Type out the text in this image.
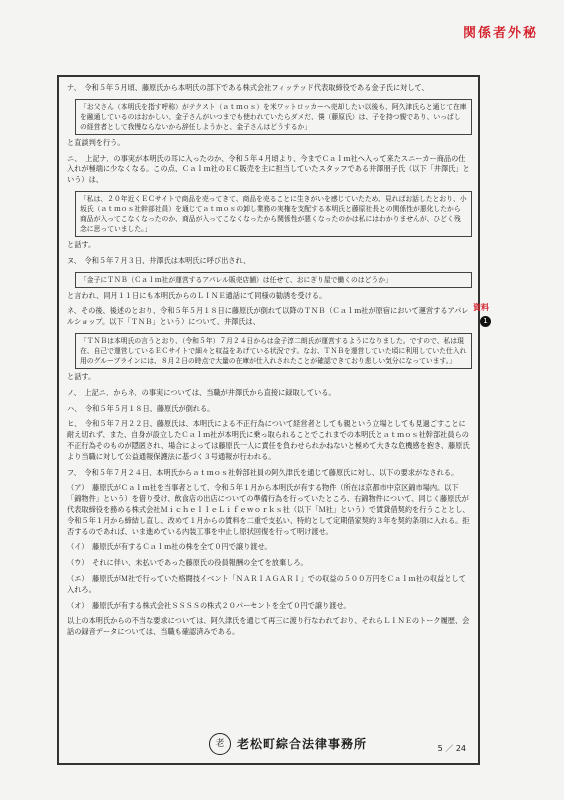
関係者外秘

ナ、　令和５年５月頃、藤原氏から本明氏の部下である株式会社フィッテッド代表取締役である金子氏に対して、

「お父さん（本明氏を指す呼称）がテクスト（ａｔｍｏｓ）を米ワットロッカーへ売却したい以後も、阿久津氏らと通じて在庫を融通しているのはおかしい、金子さんがいつまでも使われていたらダメだ、僕（藤原氏）は、子を持つ親であり、いっぱしの経営者として我慢ならないから辞任しようかと、金子さんはどうするか」

と直談判を行う。

ニ、　上記ナ．の事実が本明氏の耳に入ったのか、令和５年４月頃より、今までＣａｌｍ社へ入って来たスニーカー商品の仕入れが極端に少なくなる。この点、Ｃａｌｍ社のＥＣ販売を主に担当していたスタッフである井澤朋子氏（以下「井澤氏」という）は、

「私は、２０年近くＥＣサイトで商品を売ってきて、商品を売ることに生きがいを感じていたため、見ればお話したとおり、小坂氏（ａｔｍｏｓ社幹部社員）を通じてａｔｍｏｓの卸し業務の実権を支配する本明氏と藤原社長との関係性が悪化したから商品が入ってこなくなったのか、商品が入ってこなくなったから関係性が悪くなったのかは私にはわかりませんが、ひどく残念に思っていました。」

と話す。

ヌ、　令和５年７月３日、井澤氏は本明氏に呼び出され、

「金子にＴＮＢ（Ｃａｌｍ社が運営するアパレル販売店舗）は任せて、おにぎり屋で働くのはどうか」

と言われ、同月１１日にも本明氏からのＬＩＮＥ通話にて同様の勧誘を受ける。

ネ、その後、後述のとおり、令和５年５月１８日に藤原氏が倒れて以降のＴＮＢ（Ｃａｌｍ社が原宿において運営するアパレルショップ。以下「ＴＮＢ」という）について、井澤氏は、

「ＴＮＢは本明氏の言うとおり、（令和５年）７月２４日からは金子淳二朗氏が運営するようになりました。ですので、私は現在、自己で運営しているＥＣサイトで細々と収益をあげている状況です。なお、ＴＮＢを運営していた頃に利用していた仕入れ用のグループラインには、８月２日の時点で大量の在庫が仕入れされたことが確認できており悲しい気分になっています。」

と話す。

ノ、　上記ニ．からネ．の事実については、当職が井澤氏から直接に録取している。

ハ、　令和５年５月１８日、藤原氏が倒れる。

ヒ、　令和５年７月２２日、藤原氏は、本明氏による不正行為について経営者としても親という立場としても見過ごすことに耐え切れず、また、自身が設立したＣａｌｍ社が本明氏に乗っ取られることでこれまでの本明氏とａｔｍｏｓ社幹部社員らの不正行為そのものが隠匿され、場合によっては藤原氏一人に責任を負わせられかねないと極めて大きな危機感を抱き、藤原氏より当職に対して公益通報保護法に基づく３号通報が行われる。

フ、　令和５年７月２４日、本明氏からａｔｍｏｓ社幹部社員の阿久津氏を通じて藤原氏に対し、以下の要求がなされる。

（ア）　藤原氏がＣａｌｍ社を当事者として、令和５年１月から本明氏が有する物件（所在は京都市中京区錦市場内。以下「錦物件」という）を借り受け、飲食店の出店についての準備行為を行っていたところ、右錦物件について、同じく藤原氏が代表取締役を務める株式会社ＭｉｃｈｅｌｌｅＬｉｆｅｗｏｒｋｓ社（以下「Ｍ社」という）で賃貸借契約を行うこととし、令和５年１月から締結し直し、改めて１月からの賃料を二重で支払い、特約として定期借家契約３年を契約条項に入れる。拒否するのであれば、いま進めている内装工事を中止し原状回復を行って明け渡せ。

（イ）　藤原氏が有するＣａｌｍ社の株を全て０円で譲り渡せ。

（ウ）　それに伴い、未払いであった藤原氏の役員報酬の全てを放棄しろ。

（エ）　藤原氏がＭ社で行っていた格闘技イベント「ＮＡＲＩＡＧＡＲＩ」での収益の５００万円をＣａｌｍ社の収益として入れろ。

（オ）　藤原氏が有する株式会社ＳＳＳＳの株式２０パーセントを全て０円で譲り渡せ。

以上の本明氏からの不当な要求については、阿久津氏を通じて再三に渡り行なわれており、それらＬＩＮＥのトーク履歴、会話の録音データについては、当職も確認済みである。

老	老松町綜合法律事務所	5 ／ 24
資料
1
